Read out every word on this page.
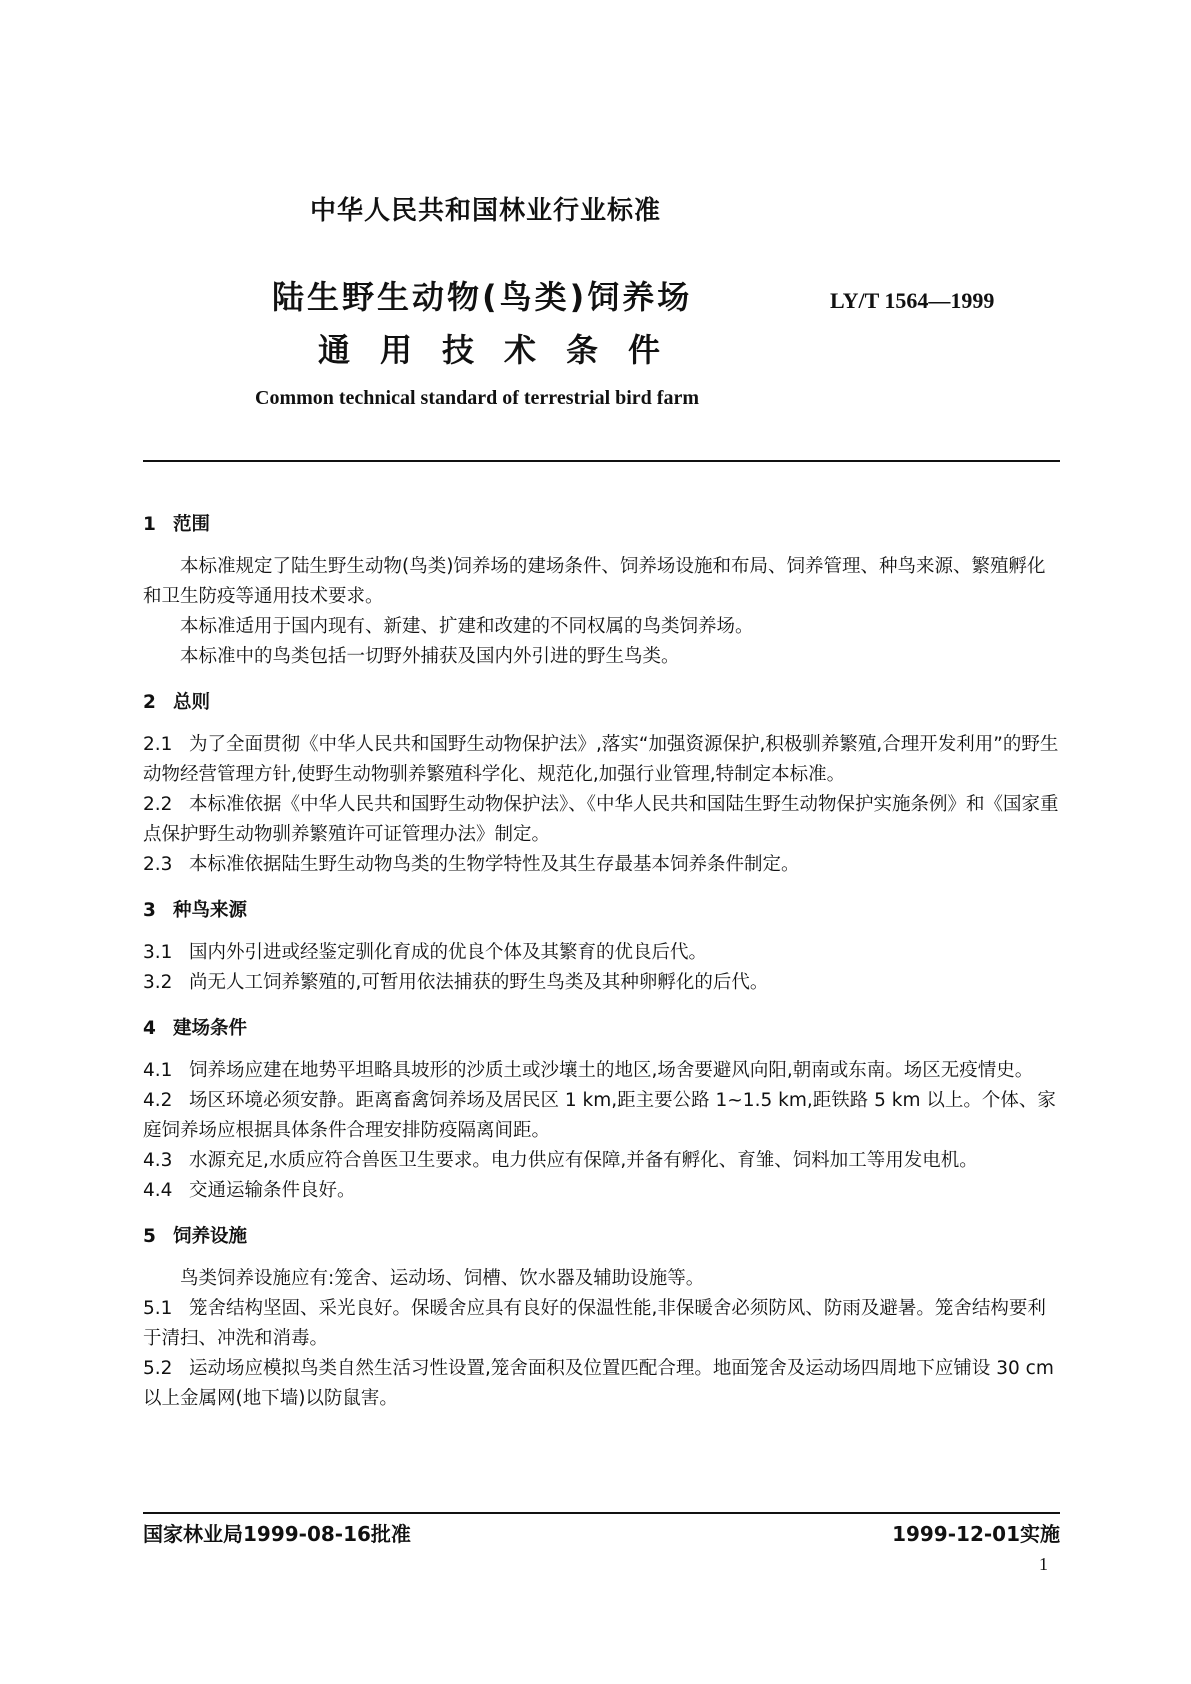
中华人民共和国林业行业标准
陆生野生动物(鸟类)饲养场
通用技术条件
LY/T 1564—1999
Common technical standard of terrestrial bird farm
1 范围

本标准规定了陆生野生动物(鸟类)饲养场的建场条件、饲养场设施和布局、饲养管理、种鸟来源、繁殖孵化和卫生防疫等通用技术要求。

本标准适用于国内现有、新建、扩建和改建的不同权属的鸟类饲养场。

本标准中的鸟类包括一切野外捕获及国内外引进的野生鸟类。

2 总则

2.1 为了全面贯彻《中华人民共和国野生动物保护法》,落实“加强资源保护,积极驯养繁殖,合理开发利用”的野生动物经营管理方针,使野生动物驯养繁殖科学化、规范化,加强行业管理,特制定本标准。

2.2 本标准依据《中华人民共和国野生动物保护法》、《中华人民共和国陆生野生动物保护实施条例》和《国家重点保护野生动物驯养繁殖许可证管理办法》制定。

2.3 本标准依据陆生野生动物鸟类的生物学特性及其生存最基本饲养条件制定。

3 种鸟来源

3.1 国内外引进或经鉴定驯化育成的优良个体及其繁育的优良后代。

3.2 尚无人工饲养繁殖的,可暂用依法捕获的野生鸟类及其种卵孵化的后代。

4 建场条件

4.1 饲养场应建在地势平坦略具坡形的沙质土或沙壤土的地区,场舍要避风向阳,朝南或东南。场区无疫情史。

4.2 场区环境必须安静。距离畜禽饲养场及居民区 1 km,距主要公路 1~1.5 km,距铁路 5 km 以上。个体、家庭饲养场应根据具体条件合理安排防疫隔离间距。

4.3 水源充足,水质应符合兽医卫生要求。电力供应有保障,并备有孵化、育雏、饲料加工等用发电机。

4.4 交通运输条件良好。

5 饲养设施

鸟类饲养设施应有:笼舍、运动场、饲槽、饮水器及辅助设施等。

5.1 笼舍结构坚固、采光良好。保暖舍应具有良好的保温性能,非保暖舍必须防风、防雨及避暑。笼舍结构要利于清扫、冲洗和消毒。

5.2 运动场应模拟鸟类自然生活习性设置,笼舍面积及位置匹配合理。地面笼舍及运动场四周地下应铺设 30 cm 以上金属网(地下墙)以防鼠害。

国家林业局1999-08-16批准	1999-12-01实施
1
